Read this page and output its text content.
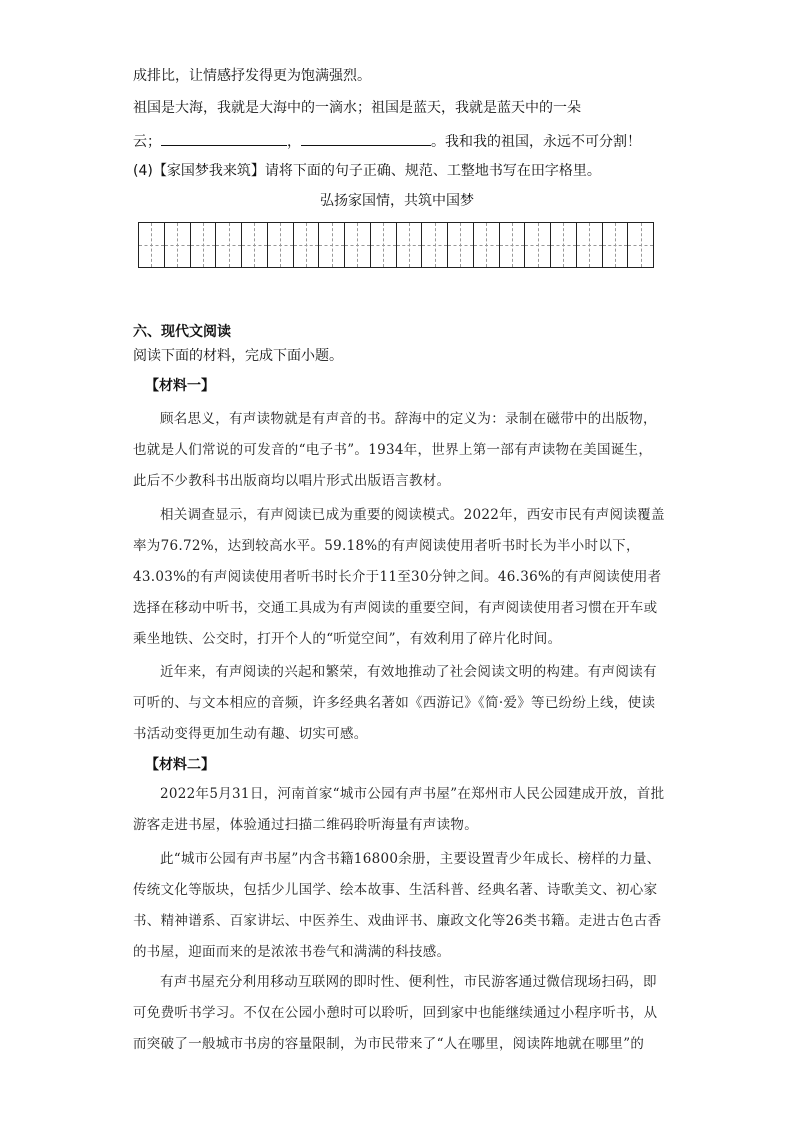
成排比，让情感抒发得更为饱满强烈。
祖国是大海，我就是大海中的一滴水；祖国是蓝天，我就是蓝天中的一朵
云；	，	。我和我的祖国，永远不可分割！
(4)【家国梦我来筑】请将下面的句子正确、规范、工整地书写在田字格里。
弘扬家国情，共筑中国梦
六、现代文阅读
阅读下面的材料，完成下面小题。
【材料一】

顾名思义，有声读物就是有声音的书。辞海中的定义为：录制在磁带中的出版物，也就是人们常说的可发音的“电子书”。1934年，世界上第一部有声读物在美国诞生，此后不少教科书出版商均以唱片形式出版语言教材。

相关调查显示，有声阅读已成为重要的阅读模式。2022年，西安市民有声阅读覆盖率为76.72%，达到较高水平。59.18%的有声阅读使用者听书时长为半小时以下，43.03%的有声阅读使用者听书时长介于11至30分钟之间。46.36%的有声阅读使用者选择在移动中听书，交通工具成为有声阅读的重要空间，有声阅读使用者习惯在开车或乘坐地铁、公交时，打开个人的“听觉空间”，有效利用了碎片化时间。

近年来，有声阅读的兴起和繁荣，有效地推动了社会阅读文明的构建。有声阅读有可听的、与文本相应的音频，许多经典名著如《西游记》《简·爱》等已纷纷上线，使读书活动变得更加生动有趣、切实可感。

【材料二】

2022年5月31日，河南首家“城市公园有声书屋”在郑州市人民公园建成开放，首批游客走进书屋，体验通过扫描二维码聆听海量有声读物。

此“城市公园有声书屋”内含书籍16800余册，主要设置青少年成长、榜样的力量、传统文化等版块，包括少儿国学、绘本故事、生活科普、经典名著、诗歌美文、初心家书、精神谱系、百家讲坛、中医养生、戏曲评书、廉政文化等26类书籍。走进古色古香的书屋，迎面而来的是浓浓书卷气和满满的科技感。

有声书屋充分利用移动互联网的即时性、便利性，市民游客通过微信现场扫码，即可免费听书学习。不仅在公园小憩时可以聆听，回到家中也能继续通过小程序听书，从而突破了一般城市书房的容量限制，为市民带来了“人在哪里，阅读阵地就在哪里”的
